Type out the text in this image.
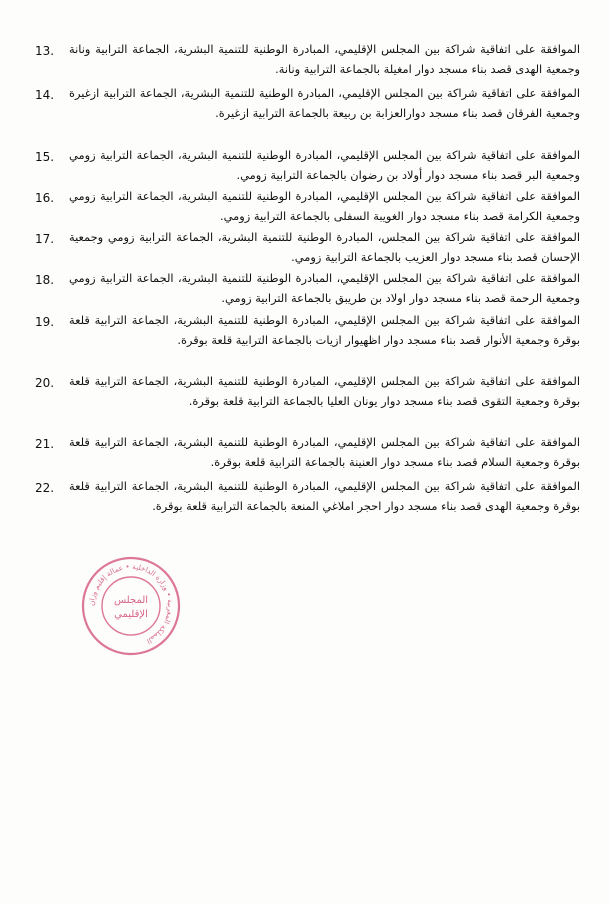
13.	الموافقة على اتفاقية شراكة بين المجلس الإقليمي، المبادرة الوطنية للتنمية البشرية، الجماعة الترابية ونانة وجمعية الهدى قصد بناء مسجد دوار امغيلة بالجماعة الترابية ونانة.
14.	الموافقة على اتفاقية شراكة بين المجلس الإقليمي، المبادرة الوطنية للتنمية البشرية، الجماعة الترابية ازغيرة وجمعية الفرقان قصد بناء مسجد دوارالعزابة بن ربيعة بالجماعة الترابية ازغيرة.
15.	الموافقة على اتفاقية شراكة بين المجلس الإقليمي، المبادرة الوطنية للتنمية البشرية، الجماعة الترابية زومي وجمعية البر قصد بناء مسجد دوار أولاد بن رضوان بالجماعة الترابية زومي.
16.	الموافقة على اتفاقية شراكة بين المجلس الإقليمي، المبادرة الوطنية للتنمية البشرية، الجماعة الترابية زومي وجمعية الكرامة قصد بناء مسجد دوار الغويبة السفلى بالجماعة الترابية زومي.
17.	الموافقة على اتفاقية شراكة بين المجلس، المبادرة الوطنية للتنمية البشرية، الجماعة الترابية زومي وجمعية الإحسان قصد بناء مسجد دوار العزيب بالجماعة الترابية زومي.
18.	الموافقة على اتفاقية شراكة بين المجلس الإقليمي، المبادرة الوطنية للتنمية البشرية، الجماعة الترابية زومي وجمعية الرحمة قصد بناء مسجد دوار اولاد بن طريبق بالجماعة الترابية زومي.
19.	الموافقة على اتفاقية شراكة بين المجلس الإقليمي، المبادرة الوطنية للتنمية البشرية، الجماعة الترابية قلعة بوقرة وجمعية الأنوار قصد بناء مسجد دوار اظهيوار ازيات بالجماعة الترابية قلعة بوقرة.
20.	الموافقة على اتفاقية شراكة بين المجلس الإقليمي، المبادرة الوطنية للتنمية البشرية، الجماعة الترابية قلعة بوقرة وجمعية التقوى قصد بناء مسجد دوار يونان العليا بالجماعة الترابية قلعة بوقرة.
21.	الموافقة على اتفاقية شراكة بين المجلس الإقليمي، المبادرة الوطنية للتنمية البشرية، الجماعة الترابية قلعة بوقرة وجمعية السلام قصد بناء مسجد دوار العنينة بالجماعة الترابية قلعة بوقرة.
22.	الموافقة على اتفاقية شراكة بين المجلس الإقليمي، المبادرة الوطنية للتنمية البشرية، الجماعة الترابية قلعة بوقرة وجمعية الهدى قصد بناء مسجد دوار احجر املاغي المنعة بالجماعة الترابية قلعة بوقرة.
المملكة المغربية • وزارة الداخلية • عمالة إقليم وزان
المجلس
الإقليمي
